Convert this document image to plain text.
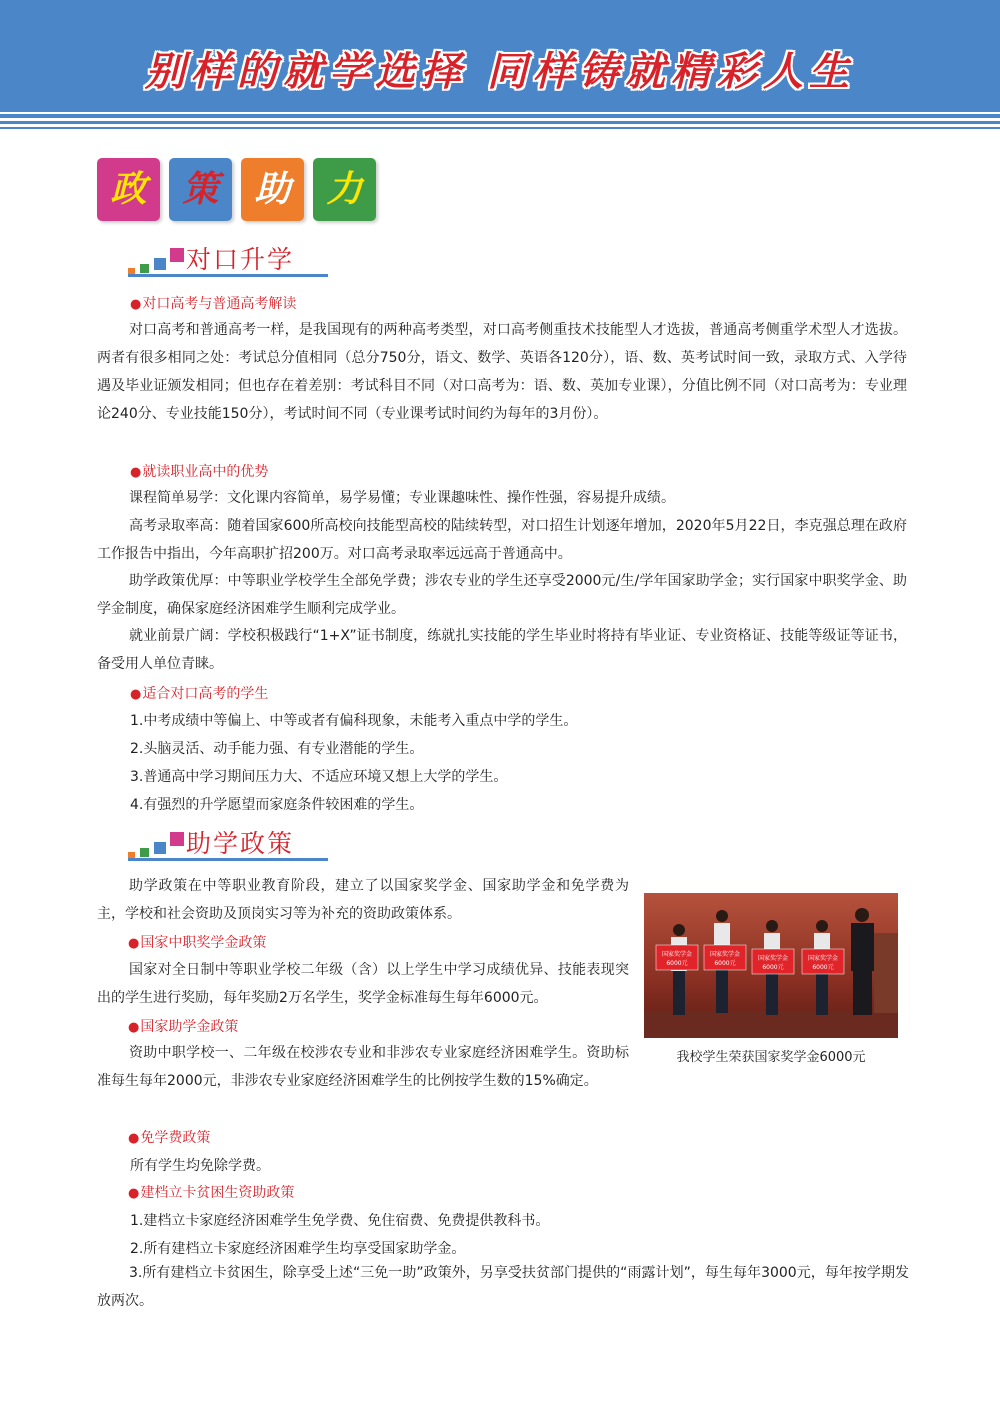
别样的就学选择 同样铸就精彩人生
政 策 助 力
对口升学
●对口高考与普通高考解读
对口高考和普通高考一样，是我国现有的两种高考类型，对口高考侧重技术技能型人才选拔，普通高考侧重学术型人才选拔。两者有很多相同之处：考试总分值相同（总分750分，语文、数学、英语各120分），语、数、英考试时间一致，录取方式、入学待遇及毕业证颁发相同；但也存在着差别：考试科目不同（对口高考为：语、数、英加专业课），分值比例不同（对口高考为：专业理论240分、专业技能150分），考试时间不同（专业课考试时间约为每年的3月份）。
●就读职业高中的优势
课程简单易学：文化课内容简单，易学易懂；专业课趣味性、操作性强，容易提升成绩。
高考录取率高：随着国家600所高校向技能型高校的陆续转型，对口招生计划逐年增加，2020年5月22日，李克强总理在政府工作报告中指出，今年高职扩招200万。对口高考录取率远远高于普通高中。
助学政策优厚：中等职业学校学生全部免学费；涉农专业的学生还享受2000元/生/学年国家助学金；实行国家中职奖学金、助学金制度，确保家庭经济困难学生顺利完成学业。
就业前景广阔：学校积极践行“1+X”证书制度，练就扎实技能的学生毕业时将持有毕业证、专业资格证、技能等级证等证书，备受用人单位青睐。
●适合对口高考的学生
1.中考成绩中等偏上、中等或者有偏科现象，未能考入重点中学的学生。
2.头脑灵活、动手能力强、有专业潜能的学生。
3.普通高中学习期间压力大、不适应环境又想上大学的学生。
4.有强烈的升学愿望而家庭条件较困难的学生。
助学政策
助学政策在中等职业教育阶段，建立了以国家奖学金、国家助学金和免学费为主，学校和社会资助及顶岗实习等为补充的资助政策体系。
●国家中职奖学金政策
国家对全日制中等职业学校二年级（含）以上学生中学习成绩优异、技能表现突出的学生进行奖励，每年奖励2万名学生，奖学金标准每生每年6000元。
●国家助学金政策
资助中职学校一、二年级在校涉农专业和非涉农专业家庭经济困难学生。资助标准每生每年2000元，非涉农专业家庭经济困难学生的比例按学生数的15%确定。
●免学费政策
所有学生均免除学费。
●建档立卡贫困生资助政策
1.建档立卡家庭经济困难学生免学费、免住宿费、免费提供教科书。
2.所有建档立卡家庭经济困难学生均享受国家助学金。
3.所有建档立卡贫困生，除享受上述“三免一助”政策外，另享受扶贫部门提供的“雨露计划”，每生每年3000元，每年按学期发放两次。
国家奖学金
6000元
国家奖学金
6000元
国家奖学金
6000元
国家奖学金
6000元
我校学生荣获国家奖学金6000元
